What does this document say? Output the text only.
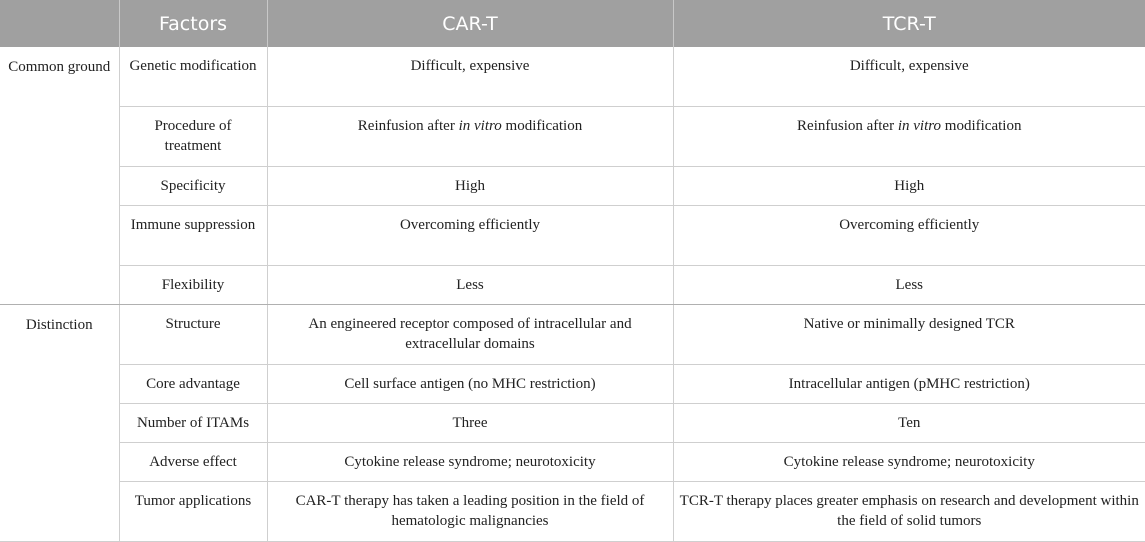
	Factors	CAR-T	TCR-T
Common ground	Genetic modification	Difficult, expensive	Difficult, expensive
	Procedure of treatment	Reinfusion after in vitro modification	Reinfusion after in vitro modification
	Specificity	High	High
	Immune suppression	Overcoming efficiently	Overcoming efficiently
	Flexibility	Less	Less
Distinction	Structure	An engineered receptor composed of intracellular and extracellular domains	Native or minimally designed TCR
	Core advantage	Cell surface antigen (no MHC restriction)	Intracellular antigen (pMHC restriction)
	Number of ITAMs	Three	Ten
	Adverse effect	Cytokine release syndrome; neurotoxicity	Cytokine release syndrome; neurotoxicity
	Tumor applications	CAR-T therapy has taken a leading position in the field of hematologic malignancies	TCR-T therapy places greater emphasis on research and development within the field of solid tumors
